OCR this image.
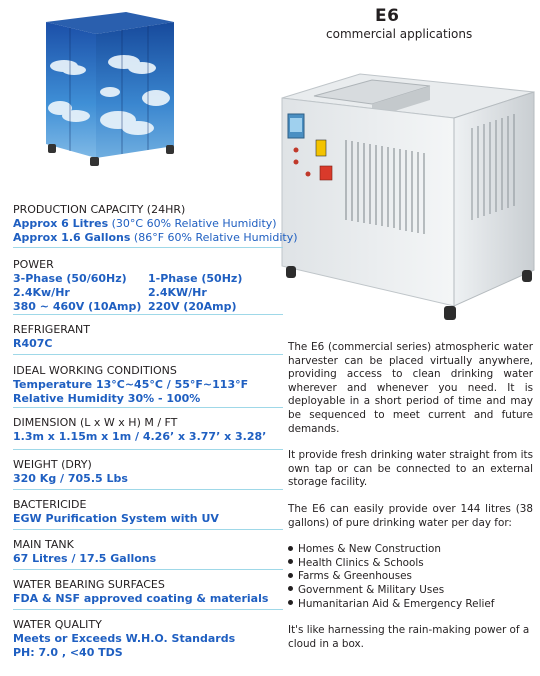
E6
commercial applications
PRODUCTION CAPACITY (24HR)
Approx 6 Litres (30°C 60% Relative Humidity)
Approx 1.6 Gallons (86°F 60% Relative Humidity)
POWER
3-Phase (50/60Hz)
2.4Kw/Hr
380 ~ 460V (10Amp)
1-Phase (50Hz)
2.4KW/Hr
220V (20Amp)
REFRIGERANT
R407C
IDEAL WORKING CONDITIONS
Temperature 13°C~45°C / 55°F~113°F
Relative Humidity 30% - 100%
DIMENSION (L x W x H) M / FT
1.3m x 1.15m x 1m / 4.26’ x 3.77’ x 3.28’
WEIGHT (DRY)
320 Kg / 705.5 Lbs
BACTERICIDE
EGW Purification System with UV
MAIN TANK
67 Litres / 17.5 Gallons
WATER BEARING SURFACES
FDA & NSF approved coating & materials
WATER QUALITY
Meets or Exceeds W.H.O. Standards
PH: 7.0 , <40 TDS

The E6 (commercial series) atmospheric water harvester can be placed virtually anywhere, providing access to clean drinking water wherever and whenever you need. It is deployable in a short period of time and may be sequenced to meet current and future demands.

It provide fresh drinking water straight from its own tap or can be connected to an external storage facility.

The E6 can easily provide over 144 litres (38 gallons) of pure drinking water per day for:

Homes & New Construction
Health Clinics & Schools
Farms & Greenhouses
Government & Military Uses
Humanitarian Aid & Emergency Relief

It's like harnessing the rain-making power of a cloud in a box.
